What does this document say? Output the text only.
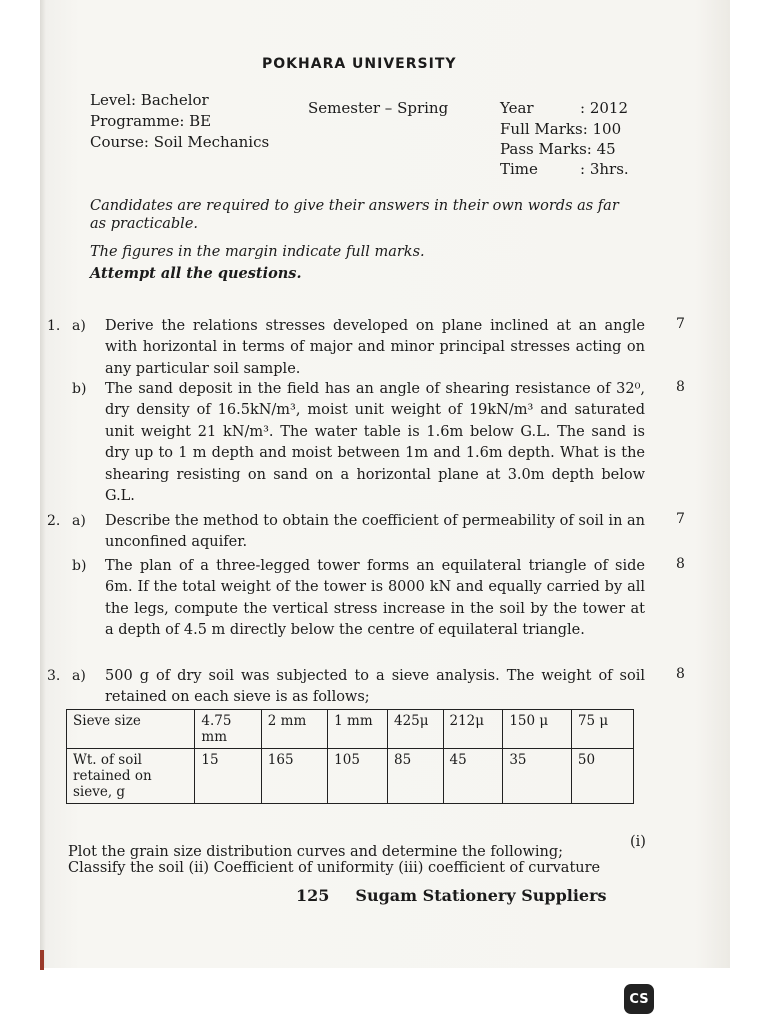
POKHARA UNIVERSITY
Level: Bachelor
Programme: BE
Course: Soil Mechanics
Semester – Spring	Year	: 2012
Full Marks: 100
Pass Marks: 45
Time	: 3hrs.
Candidates are required to give their answers in their own words as far
as practicable.
The figures in the margin indicate full marks.
Attempt all the questions.
1. a) Derive the relations stresses developed on plane inclined at an angle with horizontal in terms of major and minor principal stresses acting on any particular soil sample.
7
b) The sand deposit in the field has an angle of shearing resistance of 32⁰, dry density of 16.5kN/m³, moist unit weight of 19kN/m³ and saturated unit weight 21 kN/m³. The water table is 1.6m below G.L. The sand is dry up to 1 m depth and moist between 1m and 1.6m depth. What is the shearing resisting on sand on a horizontal plane at 3.0m depth below G.L.
8
2. a) Describe the method to obtain the coefficient of permeability of soil in an unconfined aquifer.
7
b) The plan of a three-legged tower forms an equilateral triangle of side 6m. If the total weight of the tower is 8000 kN and equally carried by all the legs, compute the vertical stress increase in the soil by the tower at a depth of 4.5 m directly below the centre of equilateral triangle.
8
3. a) 500 g of dry soil was subjected to a sieve analysis. The weight of soil retained on each sieve is as follows;
8
Sieve size	4.75 mm	2 mm	1 mm	425μ	212μ	150 μ	75 μ
Wt. of soil retained on sieve, g	15	165	105	85	45	35	50
Plot the grain size distribution curves and determine the following;
(i)
Classify the soil (ii) Coefficient of uniformity (iii) coefficient of curvature
125 Sugam Stationery Suppliers
CS
